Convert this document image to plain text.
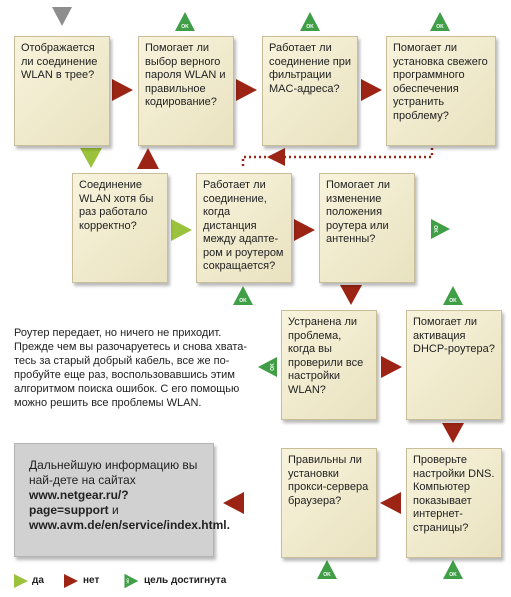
Отображается ли соединение WLAN в трее?
Помогает ли выбор верного пароля WLAN и правильное кодирование?
Работает ли соединение при фильтрации MAC-адреса?
Помогает ли установка свежего программного обеспечения устранить проблему?
Соединение WLAN хотя бы раз работало корректно?
Работает ли соединение, когда дистанция между адапте-ром и роутером сокращается?
Помогает ли изменение положения роутера или антенны?
Устранена ли проблема, когда вы проверили все настройки WLAN?
Помогает ли активация DHCP-роутера?
Правильны ли установки прокси-сервера браузера?
Проверьте настройки DNS. Компьютер показывает интернет-страницы?
Роутер передает, но ничего не приходит. Прежде чем вы разочаруетесь и снова хвата-тесь за старый добрый кабель, все же по-пробуйте еще раз, воспользовавшись этим алгоритмом поиска ошибок. С его помощью можно решить все проблемы WLAN.
Дальнейшую информацию вы най-дете на сайтах www.netgear.ru/?page=support и www.avm.de/en/service/index.html.
да	нет	цель достигнута
